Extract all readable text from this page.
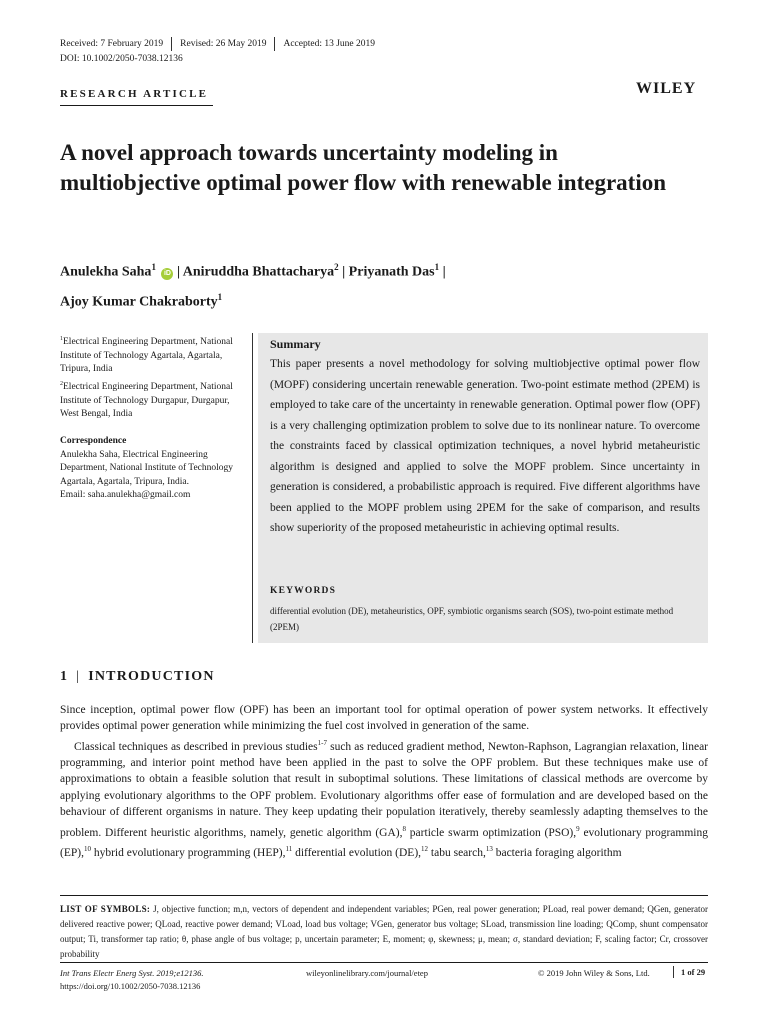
Received: 7 February 2019 Revised: 26 May 2019 Accepted: 13 June 2019
DOI: 10.1002/2050-7038.12136
RESEARCH ARTICLE	WILEY
A novel approach towards uncertainty modeling in multiobjective optimal power flow with renewable integration
Anulekha Saha$^1$ iD | Aniruddha Bhattacharya$^2$ | Priyanath Das$^1$ |
Ajoy Kumar Chakraborty$^1$
$^1$Electrical Engineering Department, National Institute of Technology Agartala, Agartala, Tripura, India
$^2$Electrical Engineering Department, National Institute of Technology Durgapur, Durgapur, West Bengal, India
Correspondence
Anulekha Saha, Electrical Engineering Department, National Institute of Technology Agartala, Agartala, Tripura, India.
Email: saha.anulekha@gmail.com
Summary
This paper presents a novel methodology for solving multiobjective optimal power flow (MOPF) considering uncertain renewable generation. Two-point estimate method (2PEM) is employed to take care of the uncertainty in renewable generation. Optimal power flow (OPF) is a very challenging optimization problem to solve due to its nonlinear nature. To overcome the constraints faced by classical optimization techniques, a novel hybrid metaheuristic algorithm is designed and applied to solve the MOPF problem. Since uncertainty in generation is considered, a probabilistic approach is required. Five different algorithms have been applied to the MOPF problem using 2PEM for the sake of comparison, and results show superiority of the proposed metaheuristic in achieving optimal results.
KEYWORDS
differential evolution (DE), metaheuristics, OPF, symbiotic organisms search (SOS), two-point estimate method (2PEM)
1 | INTRODUCTION

Since inception, optimal power flow (OPF) has been an important tool for optimal operation of power system networks. It effectively provides optimal power generation while minimizing the fuel cost involved in generation of the same.

Classical techniques as described in previous studies$^{1-7}$ such as reduced gradient method, Newton-Raphson, Lagrangian relaxation, linear programming, and interior point method have been applied in the past to solve the OPF problem. But these techniques make use of approximations to obtain a feasible solution that result in suboptimal solutions. These limitations of classical methods are overcome by applying evolutionary algorithms to the OPF problem. Evolutionary algorithms offer ease of formulation and are developed based on the behaviour of different organisms in nature. They keep updating their population iteratively, thereby seamlessly adapting themselves to the problem. Different heuristic algorithms, namely, genetic algorithm (GA),$^8$ particle swarm optimization (PSO),$^9$ evolutionary programming (EP),$^{10}$ hybrid evolutionary programming (HEP),$^{11}$ differential evolution (DE),$^{12}$ tabu search,$^{13}$ bacteria foraging algorithm

LIST OF SYMBOLS: J, objective function; m,n, vectors of dependent and independent variables; PGen, real power generation; PLoad, real power demand; QGen, generator delivered reactive power; QLoad, reactive power demand; VLoad, load bus voltage; VGen, generator bus voltage; SLoad, transmission line loading; QComp, shunt compensator output; Ti, transformer tap ratio; θ, phase angle of bus voltage; p, uncertain parameter; E, moment; φ, skewness; μ, mean; σ, standard deviation; F, scaling factor; Cr, crossover probability
Int Trans Electr Energ Syst. 2019;e12136.
https://doi.org/10.1002/2050-7038.12136
wileyonlinelibrary.com/journal/etep	© 2019 John Wiley & Sons, Ltd.	1 of 29
